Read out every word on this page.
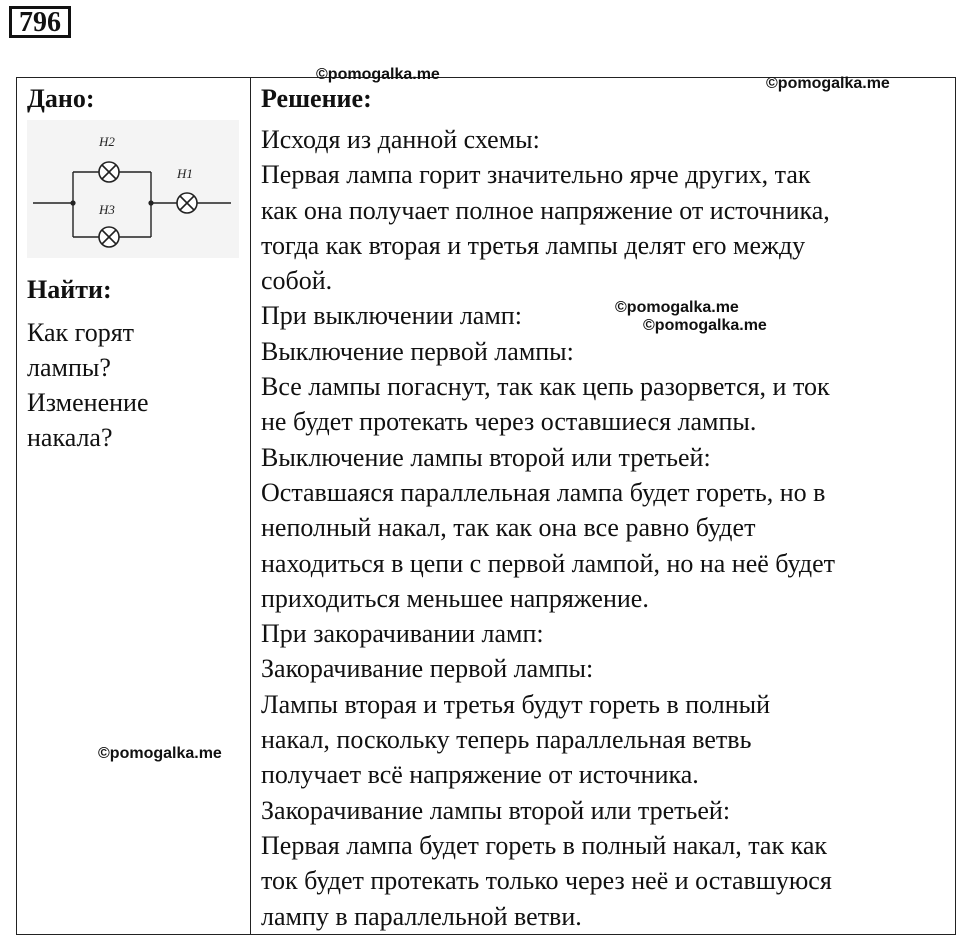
796

Дано:

H2
H3
H1

Найти:

Как горят
лампы?
Изменение
накала?

Решение:

Исходя из данной схемы:
Первая лампа горит значительно ярче других, так
как она получает полное напряжение от источника,
тогда как вторая и третья лампы делят его между
собой.
При выключении ламп:
Выключение первой лампы:
Все лампы погаснут, так как цепь разорвется, и ток
не будет протекать через оставшиеся лампы.
Выключение лампы второй или третьей:
Оставшаяся параллельная лампа будет гореть, но в
неполный накал, так как она все равно будет
находиться в цепи с первой лампой, но на неё будет
приходиться меньшее напряжение.
При закорачивании ламп:
Закорачивание первой лампы:
Лампы вторая и третья будут гореть в полный
накал, поскольку теперь параллельная ветвь
получает всё напряжение от источника.
Закорачивание лампы второй или третьей:
Первая лампа будет гореть в полный накал, так как
ток будет протекать только через неё и оставшуюся
лампу в параллельной ветви.
©pomogalka.me
©pomogalka.me
©pomogalka.me
©pomogalka.me
©pomogalka.me
